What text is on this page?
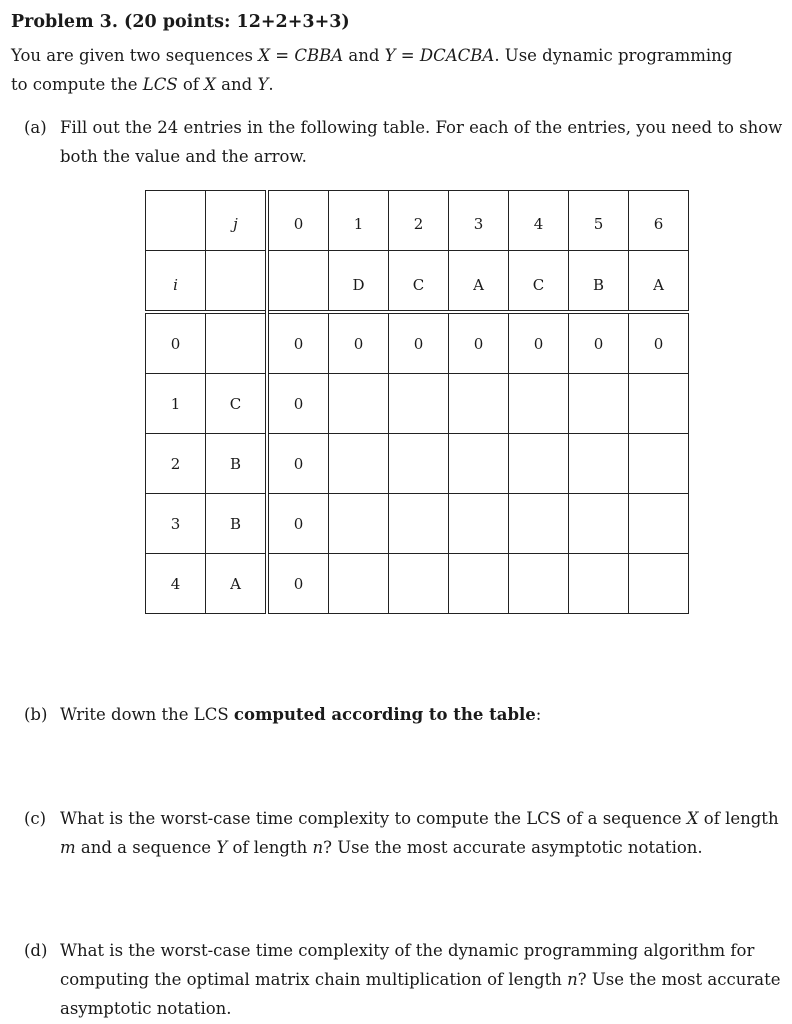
Problem 3. (20 points: 12+2+3+3)
You are given two sequences X = CBBA and Y = DCACBA. Use dynamic programming
to compute the LCS of X and Y.
(a) Fill out the 24 entries in the following table. For each of the entries, you need to show
both the value and the arrow.
	j	0	1	2	3	4	5	6
i			D	C	A	C	B	A
0		0	0	0	0	0	0	0
1	C	0						
2	B	0						
3	B	0						
4	A	0						
(b) Write down the LCS computed according to the table:
(c) What is the worst-case time complexity to compute the LCS of a sequence X of length
m and a sequence Y of length n? Use the most accurate asymptotic notation.
(d) What is the worst-case time complexity of the dynamic programming algorithm for
computing the optimal matrix chain multiplication of length n? Use the most accurate
asymptotic notation.
